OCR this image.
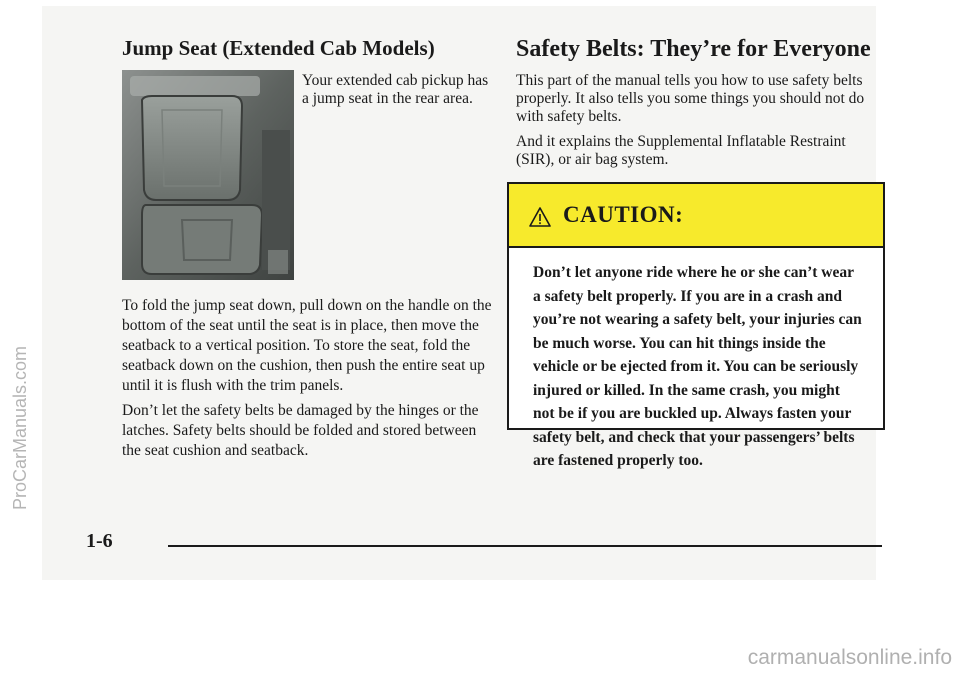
Jump Seat (Extended Cab Models)

Your extended cab pickup has a jump seat in the rear area.

To fold the jump seat down, pull down on the handle on the bottom of the seat until the seat is in place, then move the seatback to a vertical position. To store the seat, fold the seatback down on the cushion, then push the entire seat up until it is flush with the trim panels.

Don’t let the safety belts be damaged by the hinges or the latches. Safety belts should be folded and stored between the seat cushion and seatback.

Safety Belts: They’re for Everyone

This part of the manual tells you how to use safety belts properly. It also tells you some things you should not do with safety belts.

And it explains the Supplemental Inflatable Restraint (SIR), or air bag system.

CAUTION:

Don’t let anyone ride where he or she can’t wear a safety belt properly. If you are in a crash and you’re not wearing a safety belt, your injuries can be much worse. You can hit things inside the vehicle or be ejected from it. You can be seriously injured or killed. In the same crash, you might not be if you are buckled up. Always fasten your safety belt, and check that your passengers’ belts are fastened properly too.

1-6
ProCarManuals.com
carmanualsonline.info
